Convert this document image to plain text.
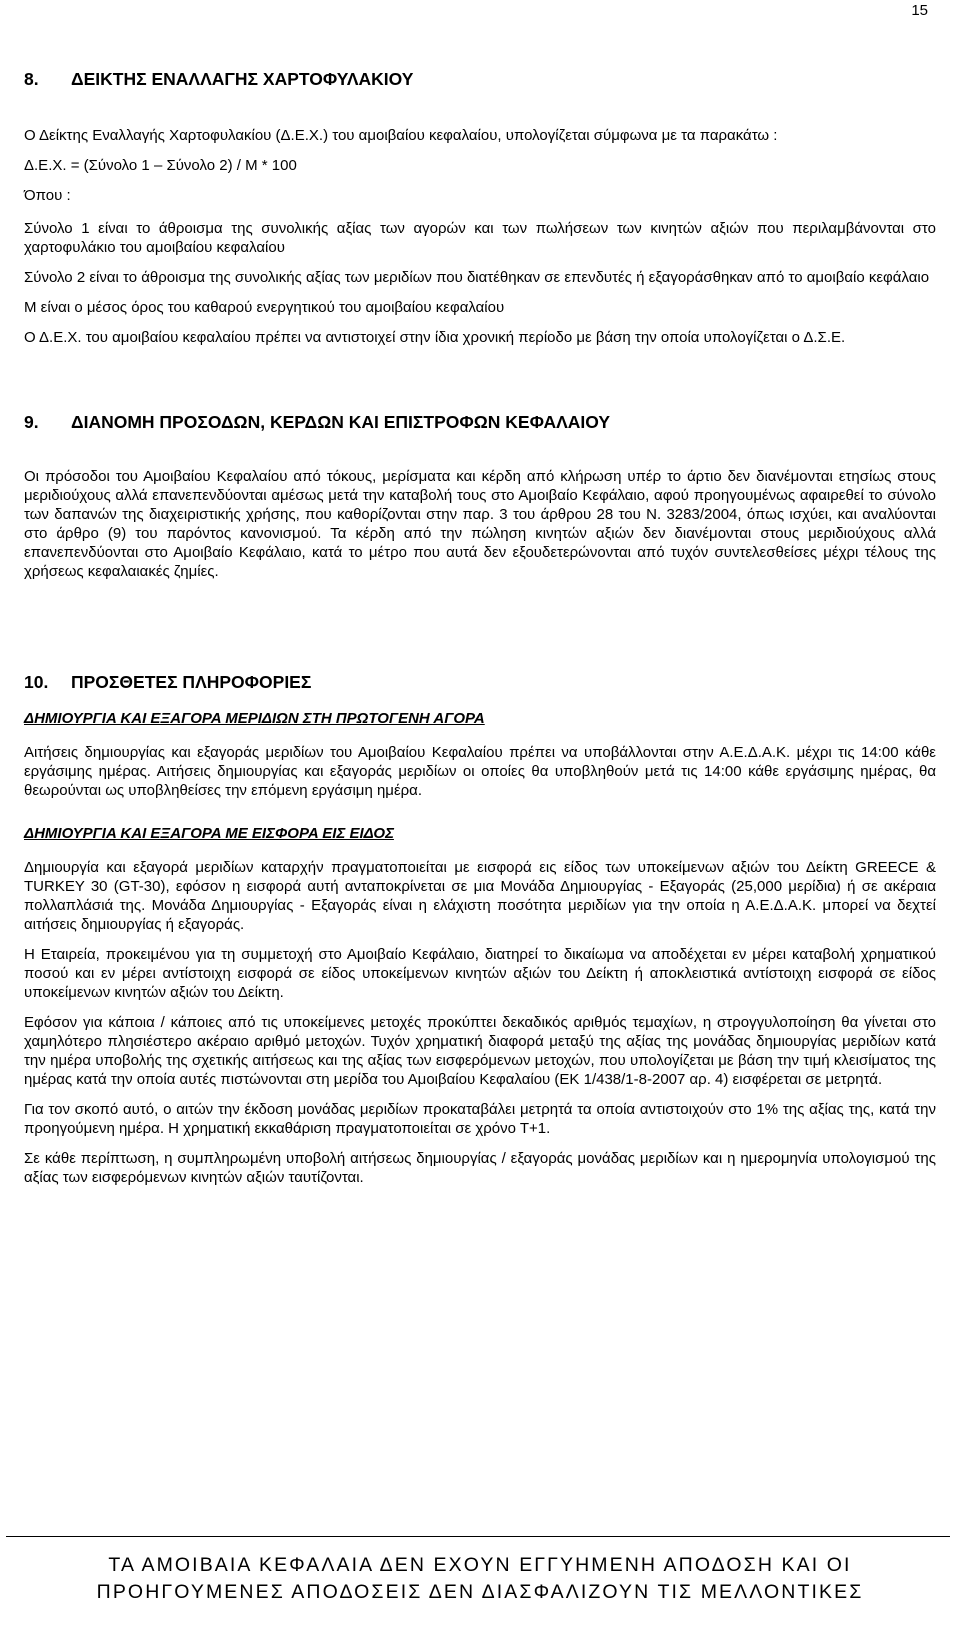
15
8. ΔΕΙΚΤΗΣ ΕΝΑΛΛΑΓΗΣ ΧΑΡΤΟΦΥΛΑΚΙΟΥ

Ο Δείκτης Εναλλαγής Χαρτοφυλακίου (Δ.Ε.Χ.) του αμοιβαίου κεφαλαίου, υπολογίζεται σύμφωνα με τα παρακάτω :

Δ.Ε.Χ. = (Σύνολο 1 – Σύνολο 2) / Μ * 100

Όπου :

Σύνολο 1 είναι το άθροισμα της συνολικής αξίας των αγορών και των πωλήσεων των κινητών αξιών που περιλαμβάνονται στο χαρτοφυλάκιο του αμοιβαίου κεφαλαίου

Σύνολο 2 είναι το άθροισμα της συνολικής αξίας των μεριδίων που διατέθηκαν σε επενδυτές ή εξαγοράσθηκαν από το αμοιβαίο κεφάλαιο

Μ είναι ο μέσος όρος του καθαρού ενεργητικού του αμοιβαίου κεφαλαίου

Ο Δ.Ε.Χ. του αμοιβαίου κεφαλαίου πρέπει να αντιστοιχεί στην ίδια χρονική περίοδο με βάση την οποία υπολογίζεται ο Δ.Σ.Ε.

9. ΔΙΑΝΟΜΗ ΠΡΟΣΟΔΩΝ, ΚΕΡΔΩΝ ΚΑΙ ΕΠΙΣΤΡΟΦΩΝ ΚΕΦΑΛΑΙΟΥ

Οι πρόσοδοι του Αμοιβαίου Κεφαλαίου από τόκους, μερίσματα και κέρδη από κλήρωση υπέρ το άρτιο δεν διανέμονται ετησίως στους μεριδιούχους αλλά επανεπενδύονται αμέσως μετά την καταβολή τους στο Αμοιβαίο Κεφάλαιο, αφού προηγουμένως αφαιρεθεί το σύνολο των δαπανών της διαχειριστικής χρήσης, που καθορίζονται στην παρ. 3 του άρθρου 28 του Ν. 3283/2004, όπως ισχύει, και αναλύονται στο άρθρο (9) του παρόντος κανονισμού. Τα κέρδη από την πώληση κινητών αξιών δεν διανέμονται στους μεριδιούχους αλλά επανεπενδύονται στο Αμοιβαίο Κεφάλαιο, κατά το μέτρο που αυτά δεν εξουδετερώνονται από τυχόν συντελεσθείσες μέχρι τέλους της χρήσεως κεφαλαιακές ζημίες.

10. ΠΡΟΣΘΕΤΕΣ ΠΛΗΡΟΦΟΡΙΕΣ

ΔΗΜΙΟΥΡΓΙΑ ΚΑΙ ΕΞΑΓΟΡΑ ΜΕΡΙΔΙΩΝ ΣΤΗ ΠΡΩΤΟΓΕΝΗ ΑΓΟΡΑ

Αιτήσεις δημιουργίας και εξαγοράς μεριδίων του Αμοιβαίου Κεφαλαίου πρέπει να υποβάλλονται στην Α.Ε.Δ.Α.Κ. μέχρι τις 14:00 κάθε εργάσιμης ημέρας. Αιτήσεις δημιουργίας και εξαγοράς μεριδίων οι οποίες θα υποβληθούν μετά τις 14:00 κάθε εργάσιμης ημέρας, θα θεωρούνται ως υποβληθείσες την επόμενη εργάσιμη ημέρα.

ΔΗΜΙΟΥΡΓΙΑ ΚΑΙ ΕΞΑΓΟΡΑ ΜΕ ΕΙΣΦΟΡΑ ΕΙΣ ΕΙΔΟΣ

Δημιουργία και εξαγορά μεριδίων καταρχήν πραγματοποιείται με εισφορά εις είδος των υποκείμενων αξιών του Δείκτη GREECE & TURKEY 30 (GT-30), εφόσον η εισφορά αυτή ανταποκρίνεται σε μια Μονάδα Δημιουργίας - Εξαγοράς (25,000 μερίδια) ή σε ακέραια πολλαπλάσιά της. Μονάδα Δημιουργίας - Εξαγοράς είναι η ελάχιστη ποσότητα μεριδίων για την οποία η Α.Ε.Δ.Α.Κ. μπορεί να δεχτεί αιτήσεις δημιουργίας ή εξαγοράς.

Η Εταιρεία, προκειμένου για τη συμμετοχή στο Αμοιβαίο Κεφάλαιο, διατηρεί το δικαίωμα να αποδέχεται εν μέρει καταβολή χρηματικού ποσού και εν μέρει αντίστοιχη εισφορά σε είδος υποκείμενων κινητών αξιών του Δείκτη ή αποκλειστικά αντίστοιχη εισφορά σε είδος υποκείμενων κινητών αξιών του Δείκτη.

Εφόσον για κάποια / κάποιες από τις υποκείμενες μετοχές προκύπτει δεκαδικός αριθμός τεμαχίων, η στρογγυλοποίηση θα γίνεται στο χαμηλότερο πλησιέστερο ακέραιο αριθμό μετοχών. Τυχόν χρηματική διαφορά μεταξύ της αξίας της μονάδας δημιουργίας μεριδίων κατά την ημέρα υποβολής της σχετικής αιτήσεως και της αξίας των εισφερόμενων μετοχών, που υπολογίζεται με βάση την τιμή κλεισίματος της ημέρας κατά την οποία αυτές πιστώνονται στη μερίδα του Αμοιβαίου Κεφαλαίου (ΕΚ 1/438/1-8-2007 αρ. 4) εισφέρεται σε μετρητά.

Για τον σκοπό αυτό, ο αιτών την έκδοση μονάδας μεριδίων προκαταβάλει μετρητά τα οποία αντιστοιχούν στο 1% της αξίας της, κατά την προηγούμενη ημέρα. Η χρηματική εκκαθάριση πραγματοποιείται σε χρόνο Τ+1.

Σε κάθε περίπτωση, η συμπληρωμένη υποβολή αιτήσεως δημιουργίας / εξαγοράς μονάδας μεριδίων και η ημερομηνία υπολογισμού της αξίας των εισφερόμενων κινητών αξιών ταυτίζονται.

ΤΑ ΑΜΟΙΒΑΙΑ ΚΕΦΑΛΑΙΑ ΔΕΝ ΕΧΟΥΝ ΕΓΓΥΗΜΕΝΗ ΑΠΟΔΟΣΗ ΚΑΙ ΟΙ
ΠΡΟΗΓΟΥΜΕΝΕΣ ΑΠΟΔΟΣΕΙΣ ΔΕΝ ΔΙΑΣΦΑΛΙΖΟΥΝ ΤΙΣ ΜΕΛΛΟΝΤΙΚΕΣ
